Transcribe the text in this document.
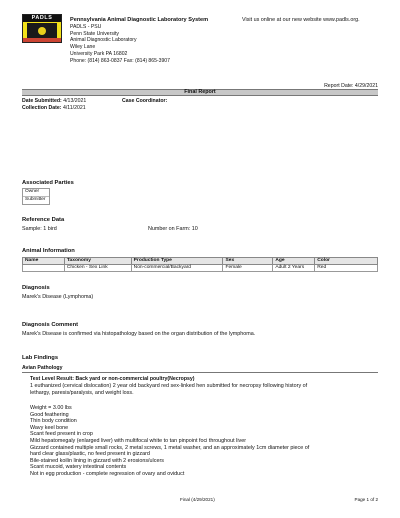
PADLS	Pennsylvania Animal Diagnostic Laboratory System
PADLS - PSU
Penn State University
Animal Diagnostic Laboratory
Wiley Lane
University Park PA 16802
Phone: (814) 863-0837 Fax: (814) 865-3907
Visit us online at our new website www.padls.org.
Report Date: 4/29/2021
Final Report
Date Submitted: 4/13/2021
Collection Date: 4/11/2021
Case Coordinator:
Associated Parties
Owner
Submitter
Reference Data
Sample: 1 bird	Number on Farm: 10
Animal Information
Name	Taxonomy	Production Type	Sex	Age	Color
	Chicken - Sex Link	Non-commercial/Backyard	Female	Adult 2 Years	Red
Diagnosis
Marek's Disease (Lymphoma)
Diagnosis Comment
Marek's Disease is confirmed via histopathology based on the organ distribution of the lymphoma.
Lab Findings
Avian Pathology
Test Level Result: Back yard or non-commercial poultry(Necropsy)
1 euthanized (cervical dislocation) 2 year old backyard red sex-linked hen submitted for necropsy following history of
lethargy, paresis/paralysis, and weight loss.
Weight = 3.00 lbs
Good feathering
Thin body condition
Wavy keel bone
Scant feed present in crop
Mild hepatomegaly (enlarged liver) with multifocal white to tan pinpoint foci throughout liver
Gizzard contained multiple small rocks, 2 metal screws, 1 metal washer, and an approximately 1cm diameter piece of
hard clear glass/plastic, no feed present in gizzard
Bile-stained koilin lining in gizzard with 2 erosions/ulcers
Scant mucoid, watery intestinal contents
Not in egg production - complete regression of ovary and oviduct
Final (4/29/2021)	Page 1 of 2
